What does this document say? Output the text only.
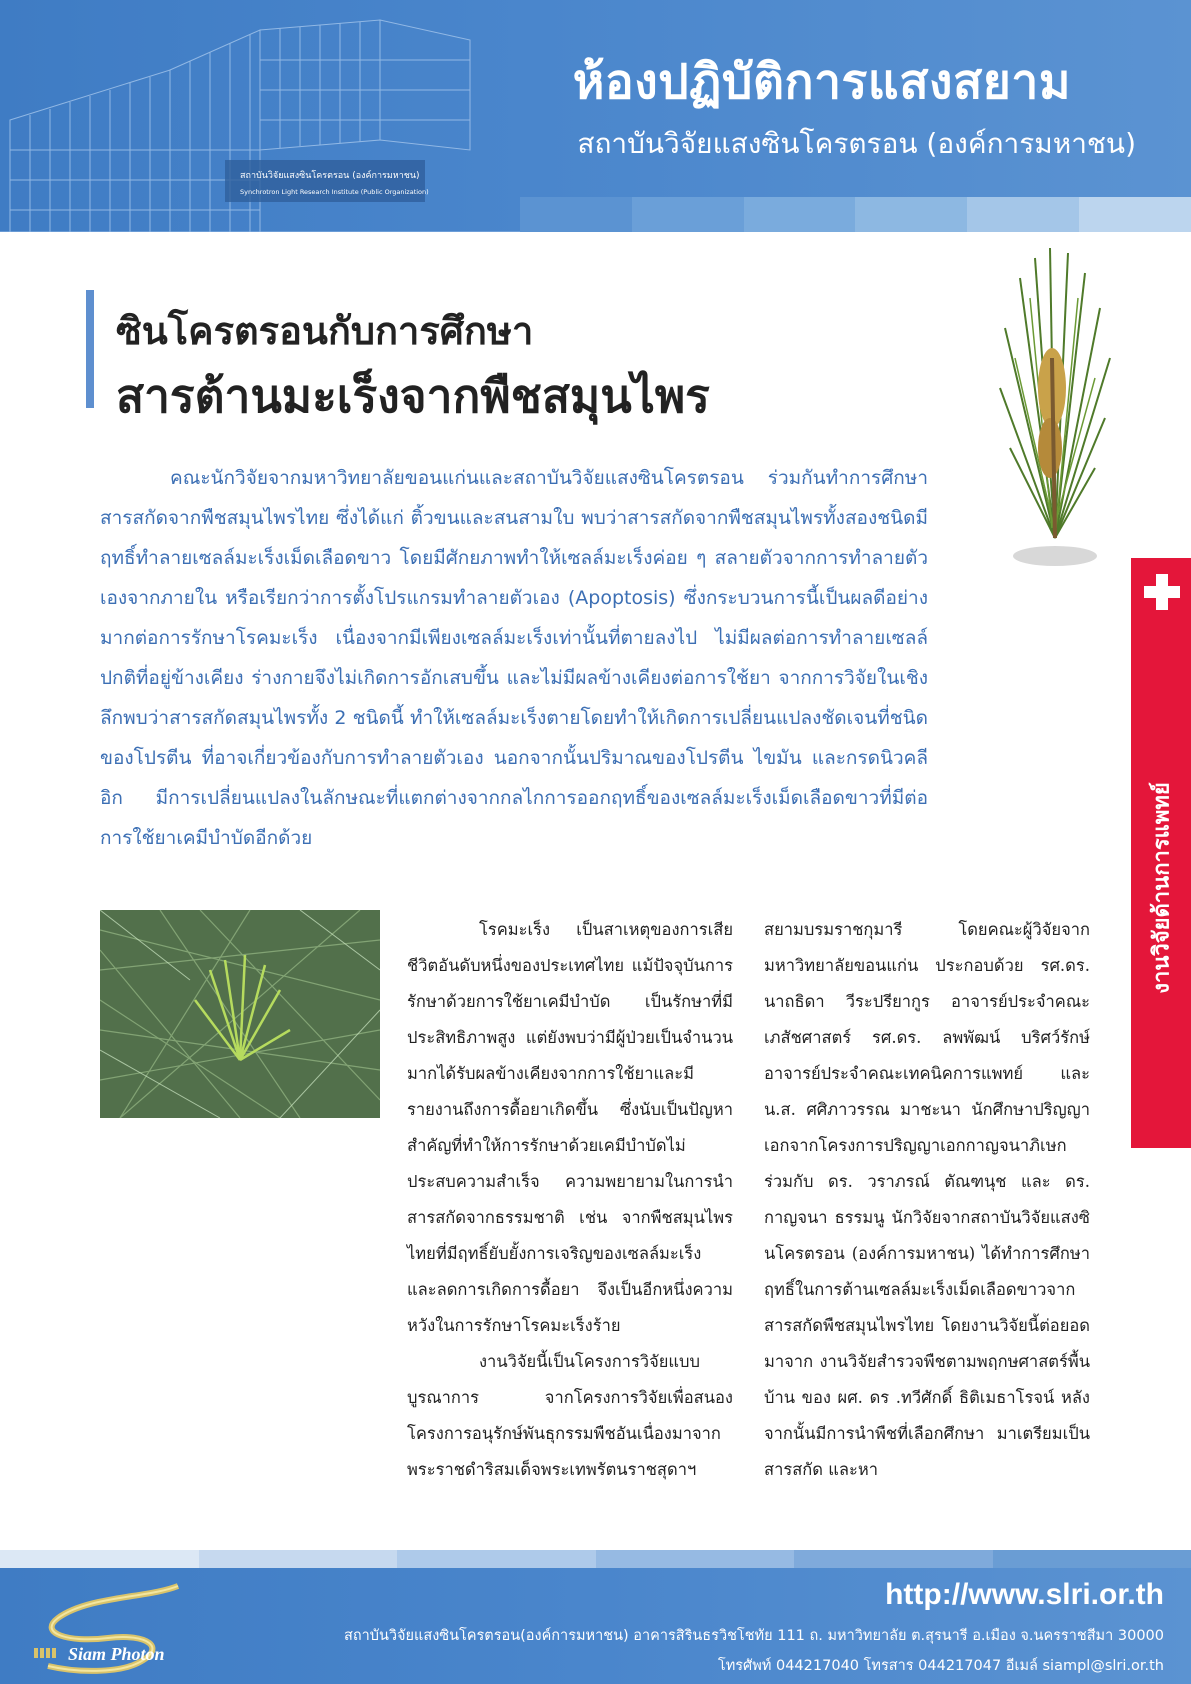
สถาบันวิจัยแสงซินโครตรอน (องค์การมหาชน)
Synchrotron Light Research Institute (Public Organization)
ห้องปฏิบัติการแสงสยาม
สถาบันวิจัยแสงซินโครตรอน (องค์การมหาชน)
ซินโครตรอนกับการศึกษา
สารต้านมะเร็งจากพืชสมุนไพร

คณะนักวิจัยจากมหาวิทยาลัยขอนแก่นและสถาบันวิจัยแสงซินโครตรอน ร่วมกันทำการศึกษาสารสกัดจากพืชสมุนไพรไทย ซึ่งได้แก่ ติ้วขนและสนสามใบ พบว่าสารสกัดจากพืชสมุนไพรทั้งสองชนิดมีฤทธิ์ทำลายเซลล์มะเร็งเม็ดเลือดขาว โดยมีศักยภาพทำให้เซลล์มะเร็งค่อย ๆ สลายตัวจากการทำลายตัวเองจากภายใน หรือเรียกว่าการตั้งโปรแกรมทำลายตัวเอง (Apoptosis) ซึ่งกระบวนการนี้เป็นผลดีอย่างมากต่อการรักษาโรคมะเร็ง เนื่องจากมีเพียงเซลล์มะเร็งเท่านั้นที่ตายลงไป ไม่มีผลต่อการทำลายเซลล์ปกติที่อยู่ข้างเคียง ร่างกายจึงไม่เกิดการอักเสบขึ้น และไม่มีผลข้างเคียงต่อการใช้ยา จากการวิจัยในเชิงลึกพบว่าสารสกัดสมุนไพรทั้ง 2 ชนิดนี้ ทำให้เซลล์มะเร็งตายโดยทำให้เกิดการเปลี่ยนแปลงชัดเจนที่ชนิดของโปรตีน ที่อาจเกี่ยวข้องกับการทำลายตัวเอง นอกจากนั้นปริมาณของโปรตีน ไขมัน และกรดนิวคลีอิก มีการเปลี่ยนแปลงในลักษณะที่แตกต่างจากกลไกการออกฤทธิ์ของเซลล์มะเร็งเม็ดเลือดขาวที่มีต่อการใช้ยาเคมีบำบัดอีกด้วย	งานวิจัยด้านการแพทย์

โรคมะเร็ง เป็นสาเหตุของการเสียชีวิตอันดับหนึ่งของประเทศไทย แม้ปัจจุบันการรักษาด้วยการใช้ยาเคมีบำบัด เป็นรักษาที่มีประสิทธิภาพสูง แต่ยังพบว่ามีผู้ป่วยเป็นจำนวนมากได้รับผลข้างเคียงจากการใช้ยาและมีรายงานถึงการดื้อยาเกิดขึ้น ซึ่งนับเป็นปัญหาสำคัญที่ทำให้การรักษาด้วยเคมีบำบัดไม่ประสบความสำเร็จ ความพยายามในการนำสารสกัดจากธรรมชาติ เช่น จากพืชสมุนไพรไทยที่มีฤทธิ์ยับยั้งการเจริญของเซลล์มะเร็ง และลดการเกิดการดื้อยา จึงเป็นอีกหนึ่งความหวังในการรักษาโรคมะเร็งร้าย

งานวิจัยนี้เป็นโครงการวิจัยแบบบูรณาการ จากโครงการวิจัยเพื่อสนองโครงการอนุรักษ์พันธุกรรมพืชอันเนื่องมาจากพระราชดำริสมเด็จพระเทพรัตนราชสุดาฯ

สยามบรมราชกุมารี โดยคณะผู้วิจัยจากมหาวิทยาลัยขอนแก่น ประกอบด้วย รศ.ดร. นาถธิดา วีระปรียากูร อาจารย์ประจำคณะเภสัชศาสตร์ รศ.ดร. ลพพัฒน์ บริศว์รักษ์ อาจารย์ประจำคณะเทคนิคการแพทย์ และ น.ส. ศศิภาวรรณ มาชะนา นักศึกษาปริญญาเอกจากโครงการปริญญาเอกกาญจนาภิเษก ร่วมกับ ดร. วราภรณ์ ตัณฑนุช และ ดร. กาญจนา ธรรมนู นักวิจัยจากสถาบันวิจัยแสงซินโครตรอน (องค์การมหาชน) ได้ทำการศึกษาฤทธิ์ในการต้านเซลล์มะเร็งเม็ดเลือดขาวจากสารสกัดพืชสมุนไพรไทย โดยงานวิจัยนี้ต่อยอดมาจาก งานวิจัยสำรวจพืชตามพฤกษศาสตร์พื้นบ้าน ของ ผศ. ดร .ทวีศักดิ์ ธิติเมธาโรจน์ หลังจากนั้นมีการนำพืชที่เลือกศึกษา มาเตรียมเป็นสารสกัด และหา
Siam Photon
http://www.slri.or.th
สถาบันวิจัยแสงซินโครตรอน(องค์การมหาชน) อาคารสิรินธรวิชโชทัย 111 ถ. มหาวิทยาลัย ต.สุรนารี อ.เมือง จ.นครราชสีมา 30000
โทรศัพท์ 044217040 โทรสาร 044217047 อีเมล์ siampl@slri.or.th
